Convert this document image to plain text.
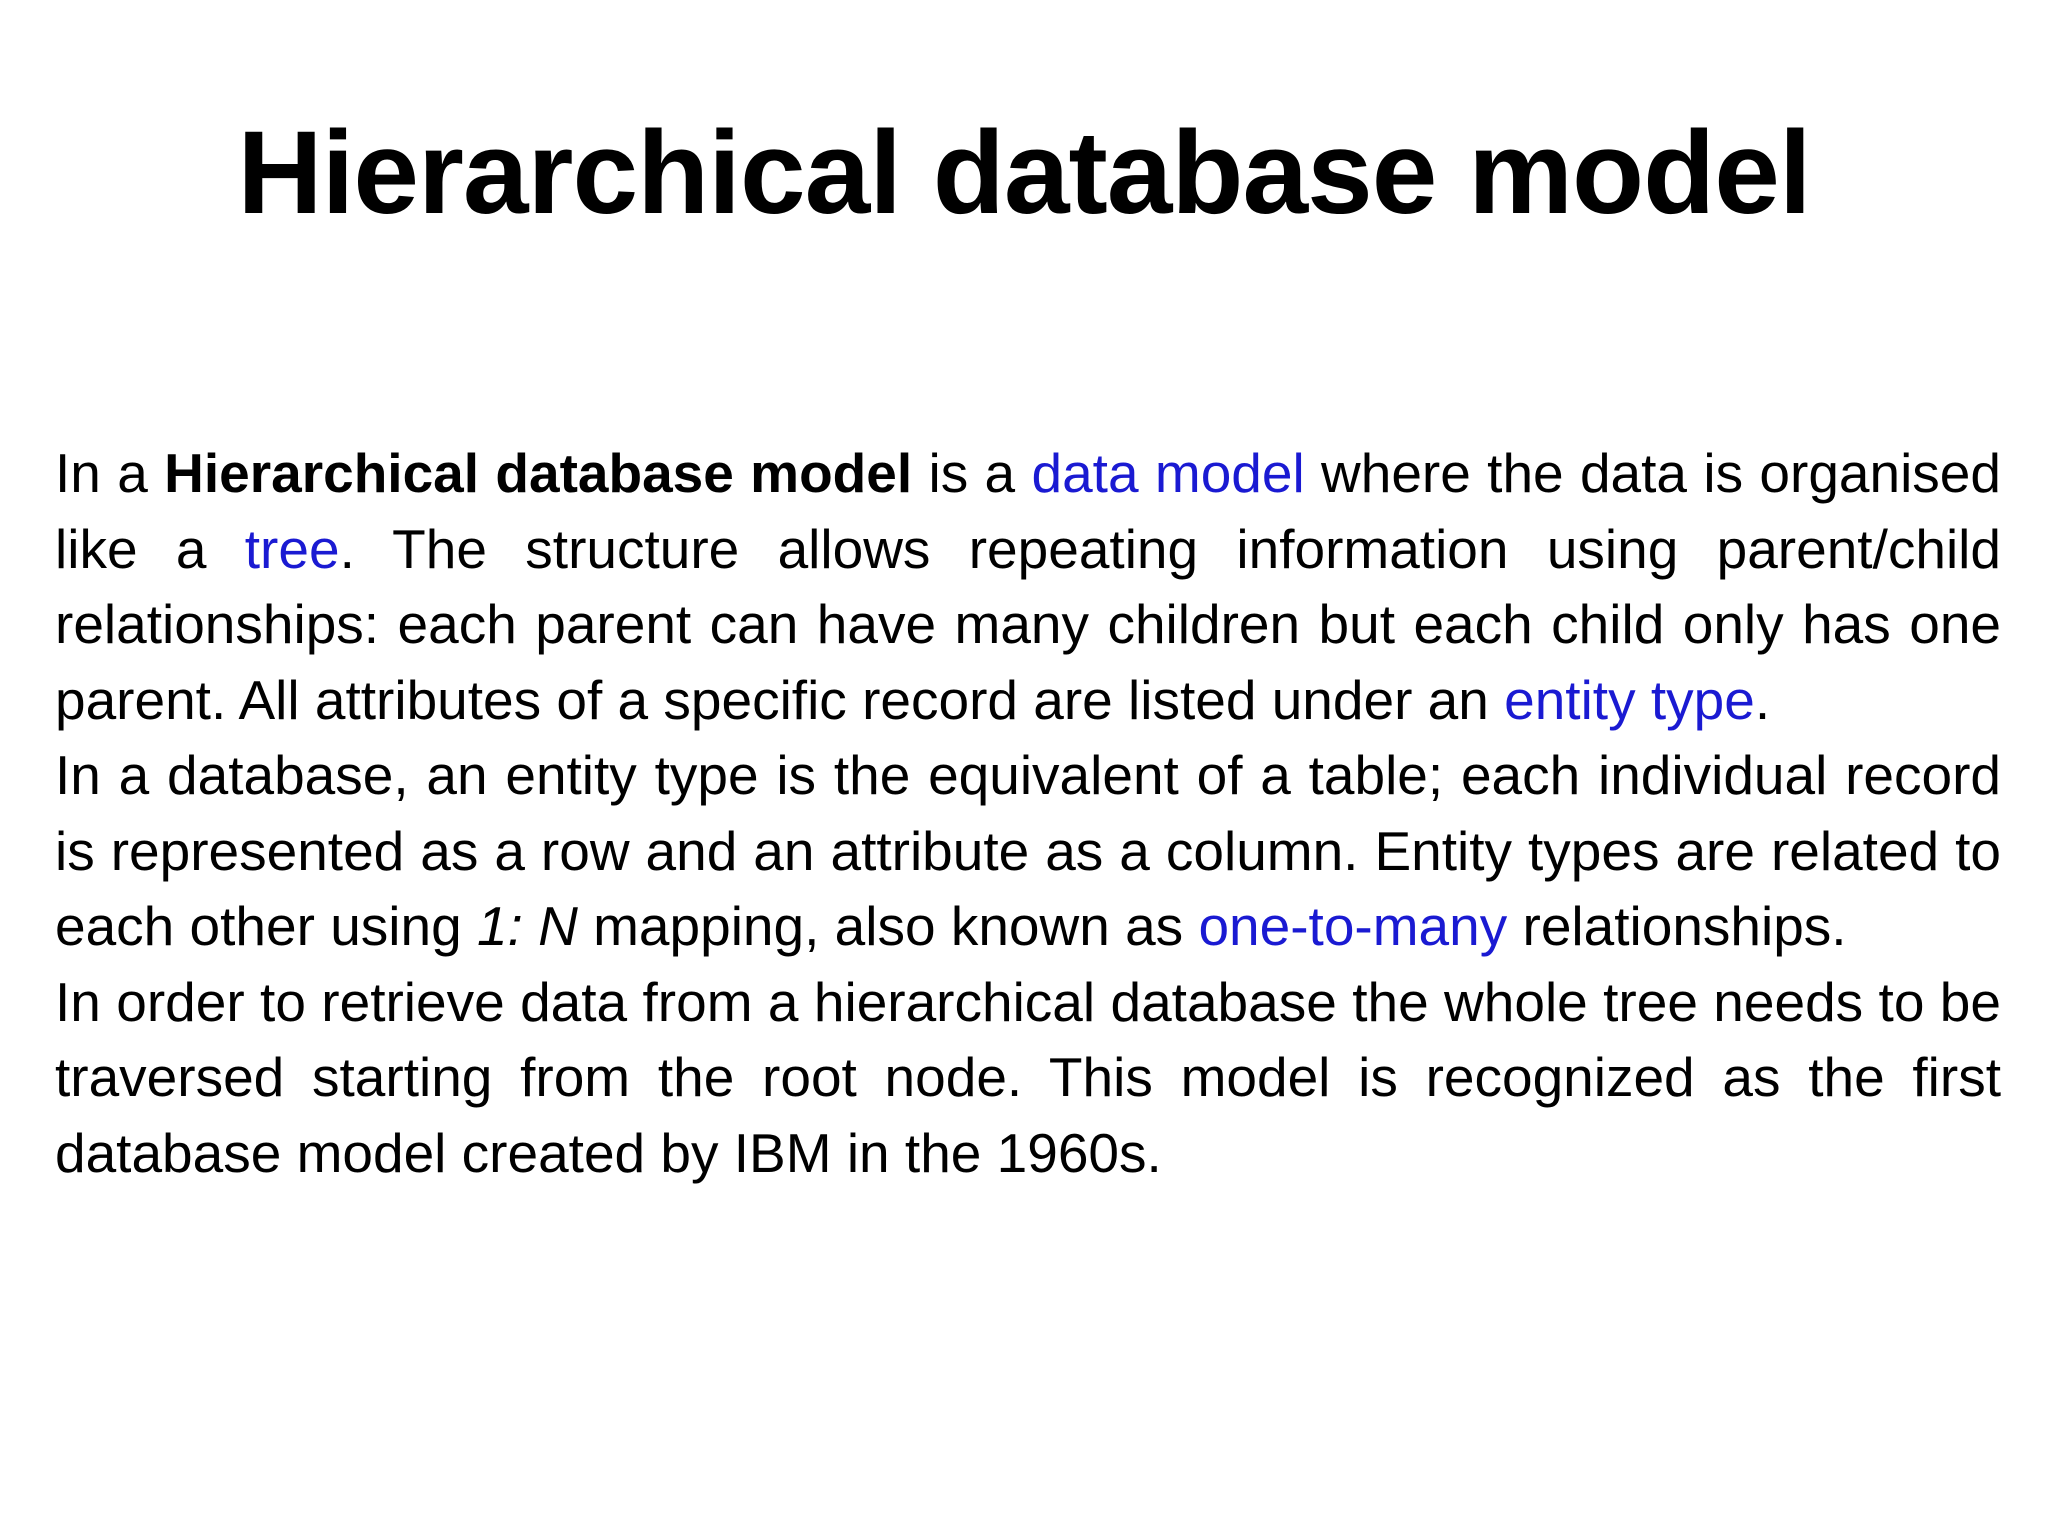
Hierarchical database model

In a Hierarchical database model is a data model where the data is organised like a tree. The structure allows repeating information using parent/child relationships: each parent can have many children but each child only has one parent. All attributes of a specific record are listed under an entity type.

In a database, an entity type is the equivalent of a table; each individual record is represented as a row and an attribute as a column. Entity types are related to each other using 1: N mapping, also known as one-to-many relationships.

In order to retrieve data from a hierarchical database the whole tree needs to be traversed starting from the root node. This model is recognized as the first database model created by IBM in the 1960s.
